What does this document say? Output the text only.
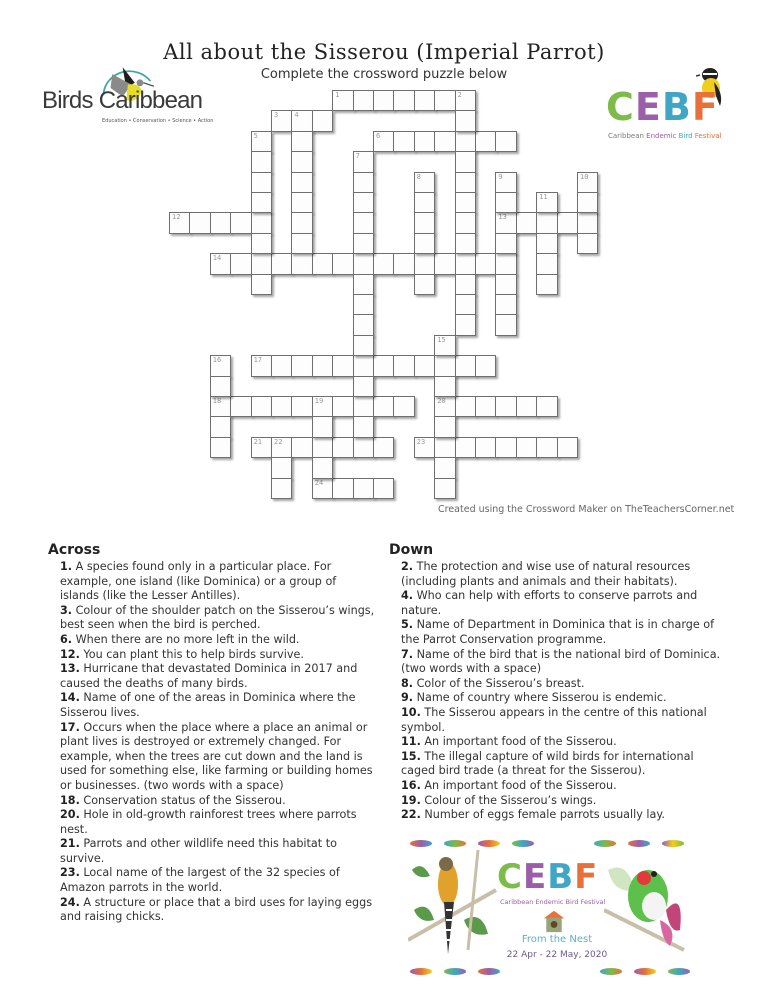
All about the Sisserou (Imperial Parrot)
Complete the crossword puzzle below
Birds Caribbean
Education • Conservation • Science • Action	CEBF
Caribbean Endemic Bird Festival
1	2
3 4
6
12	13
14
17
18	19	20
21 22	23
24
5
7
8	9	10
11
15
16
Created using the Crossword Maker on TheTeachersCorner.net
Across
1. A species found only in a particular place. For example, one island (like Dominica) or a group of islands (like the Lesser Antilles).
3. Colour of the shoulder patch on the Sisserou’s wings, best seen when the bird is perched.
6. When there are no more left in the wild.
12. You can plant this to help birds survive.
13. Hurricane that devastated Dominica in 2017 and caused the deaths of many birds.
14. Name of one of the areas in Dominica where the Sisserou lives.
17. Occurs when the place where a place an animal or plant lives is destroyed or extremely changed. For example, when the trees are cut down and the land is used for something else, like farming or building homes or businesses. (two words with a space)
18. Conservation status of the Sisserou.
20. Hole in old-growth rainforest trees where parrots nest.
21. Parrots and other wildlife need this habitat to survive.
23. Local name of the largest of the 32 species of Amazon parrots in the world.
24. A structure or place that a bird uses for laying eggs and raising chicks.
Down
2. The protection and wise use of natural resources (including plants and animals and their habitats).
4. Who can help with efforts to conserve parrots and nature.
5. Name of Department in Dominica that is in charge of the Parrot Conservation programme.
7. Name of the bird that is the national bird of Dominica.(two words with a space)
8. Color of the Sisserou’s breast.
9. Name of country where Sisserou is endemic.
10. The Sisserou appears in the centre of this national symbol.
11. An important food of the Sisserou.
15. The illegal capture of wild birds for international caged bird trade (a threat for the Sisserou).
16. An important food of the Sisserou.
19. Colour of the Sisserou’s wings.
22. Number of eggs female parrots usually lay.
CEBF
Caribbean Endemic Bird Festival
From the Nest
22 Apr - 22 May, 2020
